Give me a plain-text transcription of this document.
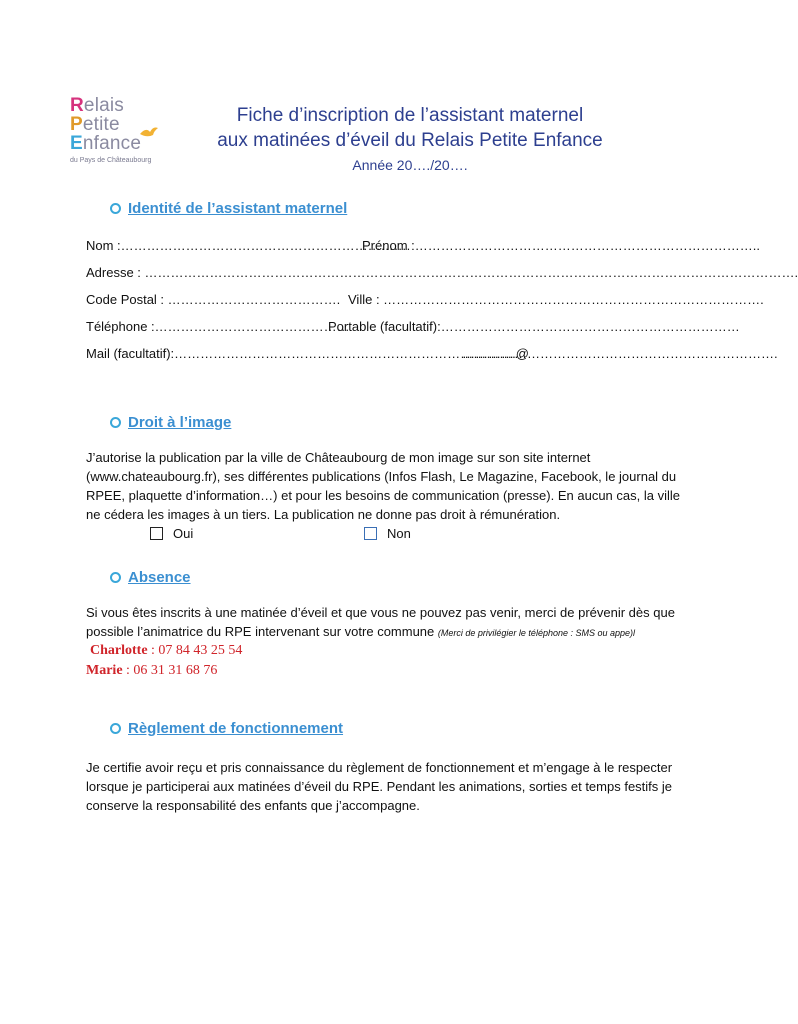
Relais
Petite
Enfance
du Pays de Châteaubourg
Fiche d’inscription de l’assistant maternel
aux matinées d’éveil du Relais Petite Enfance
Année 20…./20….
Identité de l’assistant maternel
Nom :………………………………………………………….
Prénom :……………………………………………………………………..
Adresse : …………………………………………………………………………………………………………………………………….
Code Postal : …………………………………. Ville : …………………………………………………………………………….
Téléphone :………………………………………
Portable (facultatif):……………………………………………………………
Mail (facultatif):…………………………………………………………………….@
……………………………………………………………….
Droit à l’image
J’autorise la publication par la ville de Châteaubourg de mon image sur son site internet
(www.chateaubourg.fr), ses différentes publications (Infos Flash, Le Magazine, Facebook, le journal du
RPEE, plaquette d’information…) et pour les besoins de communication (presse). En aucun cas, la ville
ne cédera les images à un tiers. La publication ne donne pas droit à rémunération.
Oui	Non
Absence
Si vous êtes inscrits à une matinée d’éveil et que vous ne pouvez pas venir, merci de prévenir dès que
possible l’animatrice du RPE intervenant sur votre commune (Merci de privilégier le téléphone : SMS ou appe)l
Charlotte : 07 84 43 25 54
Marie : 06 31 31 68 76
Règlement de fonctionnement
Je certifie avoir reçu et pris connaissance du règlement de fonctionnement et m’engage à le respecter
lorsque je participerai aux matinées d’éveil du RPE. Pendant les animations, sorties et temps festifs je
conserve la responsabilité des enfants que j’accompagne.
